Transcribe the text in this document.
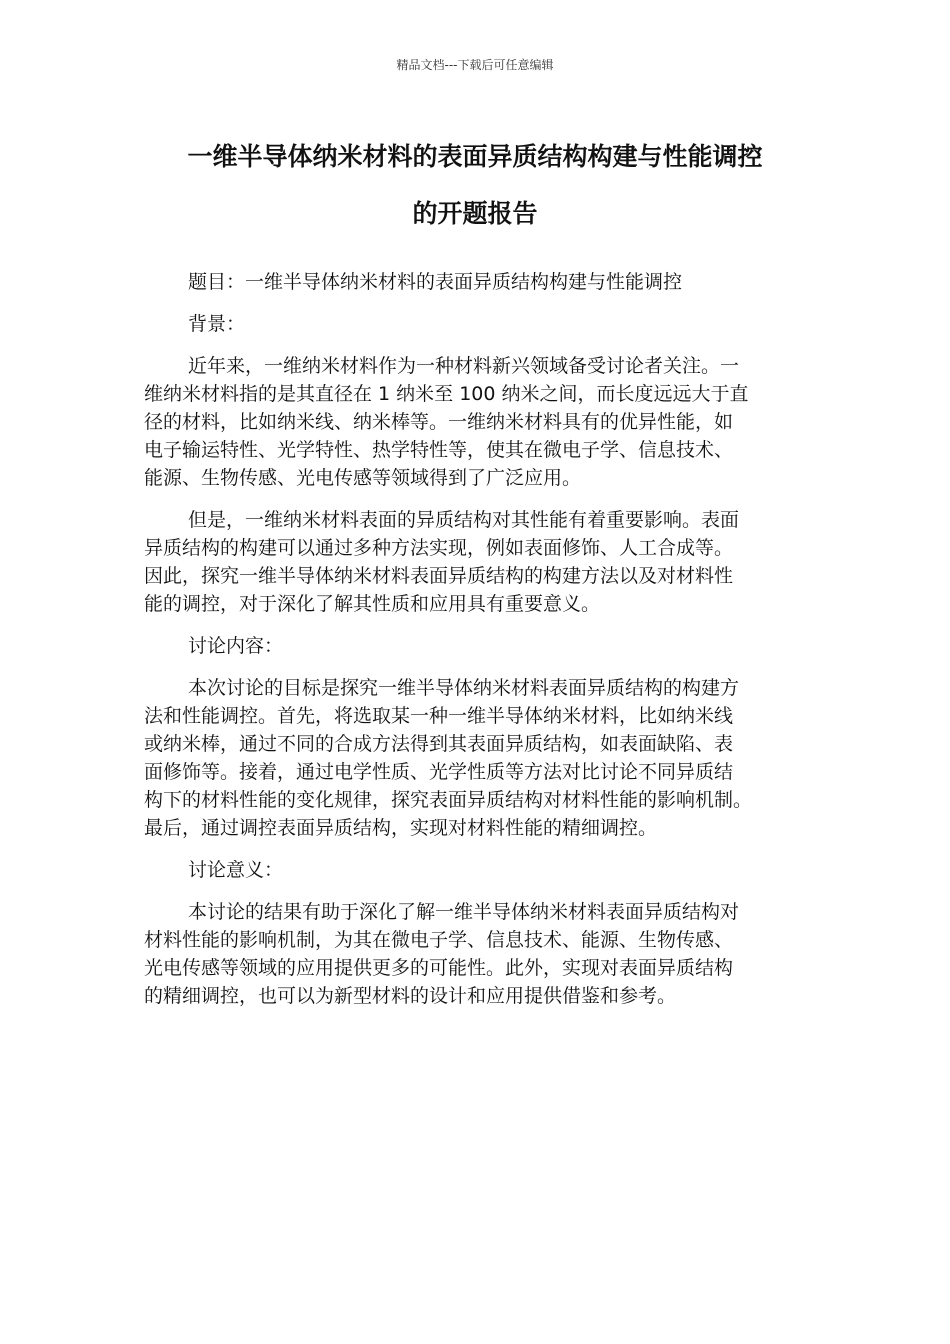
精品文档---下载后可任意编辑
一维半导体纳米材料的表面异质结构构建与性能调控
的开题报告

题目：一维半导体纳米材料的表面异质结构构建与性能调控

背景：

近年来，一维纳米材料作为一种材料新兴领域备受讨论者关注。一
维纳米材料指的是其直径在 1 纳米至 100 纳米之间，而长度远远大于直
径的材料，比如纳米线、纳米棒等。一维纳米材料具有的优异性能，如
电子输运特性、光学特性、热学特性等，使其在微电子学、信息技术、
能源、生物传感、光电传感等领域得到了广泛应用。

但是，一维纳米材料表面的异质结构对其性能有着重要影响。表面
异质结构的构建可以通过多种方法实现，例如表面修饰、人工合成等。
因此，探究一维半导体纳米材料表面异质结构的构建方法以及对材料性
能的调控，对于深化了解其性质和应用具有重要意义。

讨论内容：

本次讨论的目标是探究一维半导体纳米材料表面异质结构的构建方
法和性能调控。首先，将选取某一种一维半导体纳米材料，比如纳米线
或纳米棒，通过不同的合成方法得到其表面异质结构，如表面缺陷、表
面修饰等。接着，通过电学性质、光学性质等方法对比讨论不同异质结
构下的材料性能的变化规律，探究表面异质结构对材料性能的影响机制。
最后，通过调控表面异质结构，实现对材料性能的精细调控。

讨论意义：

本讨论的结果有助于深化了解一维半导体纳米材料表面异质结构对
材料性能的影响机制，为其在微电子学、信息技术、能源、生物传感、
光电传感等领域的应用提供更多的可能性。此外，实现对表面异质结构
的精细调控，也可以为新型材料的设计和应用提供借鉴和参考。
